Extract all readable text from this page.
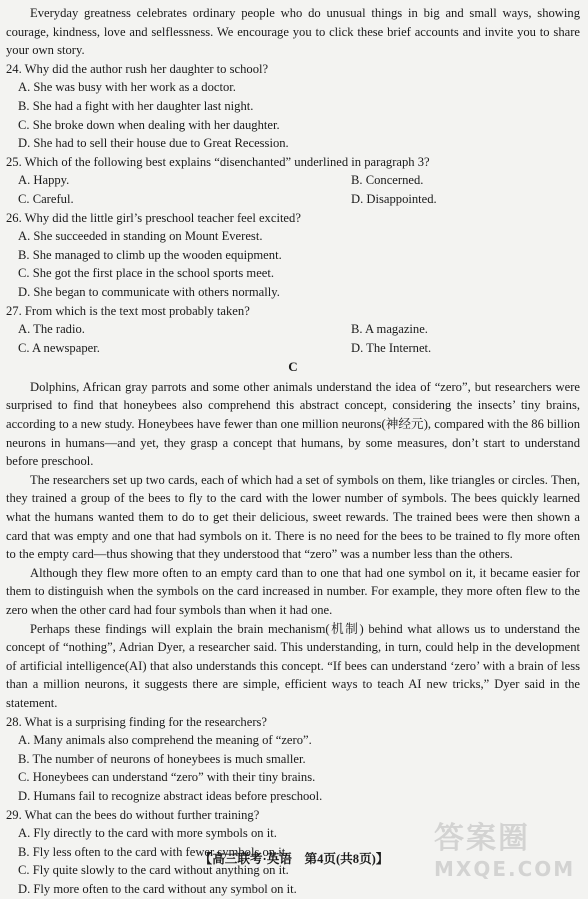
Everyday greatness celebrates ordinary people who do unusual things in big and small ways, showing courage, kindness, love and selflessness. We encourage you to click these brief accounts and invite you to share your own story.

24. Why did the author rush her daughter to school?

A. She was busy with her work as a doctor.

B. She had a fight with her daughter last night.

C. She broke down when dealing with her daughter.

D. She had to sell their house due to Great Recession.

25. Which of the following best explains “disenchanted” underlined in paragraph 3?

A. Happy.	B. Concerned.

C. Careful.	D. Disappointed.

26. Why did the little girl’s preschool teacher feel excited?

A. She succeeded in standing on Mount Everest.

B. She managed to climb up the wooden equipment.

C. She got the first place in the school sports meet.

D. She began to communicate with others normally.

27. From which is the text most probably taken?

A. The radio.	B. A magazine.

C. A newspaper.	D. The Internet.

C

Dolphins, African gray parrots and some other animals understand the idea of “zero”, but researchers were surprised to find that honeybees also comprehend this abstract concept, considering the insects’ tiny brains, according to a new study. Honeybees have fewer than one million neurons(神经元), compared with the 86 billion neurons in humans—and yet, they grasp a concept that humans, by some measures, don’t start to understand before preschool.

The researchers set up two cards, each of which had a set of symbols on them, like triangles or circles. Then, they trained a group of the bees to fly to the card with the lower number of symbols. The bees quickly learned what the humans wanted them to do to get their delicious, sweet rewards. The trained bees were then shown a card that was empty and one that had symbols on it. There is no need for the bees to be trained to fly more often to the empty card—thus showing that they understood that “zero” was a number less than the others.

Although they flew more often to an empty card than to one that had one symbol on it, it became easier for them to distinguish when the symbols on the card increased in number. For example, they more often flew to the zero when the other card had four symbols than when it had one.

Perhaps these findings will explain the brain mechanism(机制) behind what allows us to understand the concept of “nothing”, Adrian Dyer, a researcher said. This understanding, in turn, could help in the development of artificial intelligence(AI) that also understands this concept. “If bees can understand ‘zero’ with a brain of less than a million neurons, it suggests there are simple, efficient ways to teach AI new tricks,” Dyer said in the statement.

28. What is a surprising finding for the researchers?

A. Many animals also comprehend the meaning of “zero”.

B. The number of neurons of honeybees is much smaller.

C. Honeybees can understand “zero” with their tiny brains.

D. Humans fail to recognize abstract ideas before preschool.

29. What can the bees do without further training?

A. Fly directly to the card with more symbols on it.

B. Fly less often to the card with fewer symbols on it.

C. Fly quite slowly to the card without anything on it.

D. Fly more often to the card without any symbol on it.

【高三联考·英语　第4页(共8页)】
答案圈
MXQE.COM
